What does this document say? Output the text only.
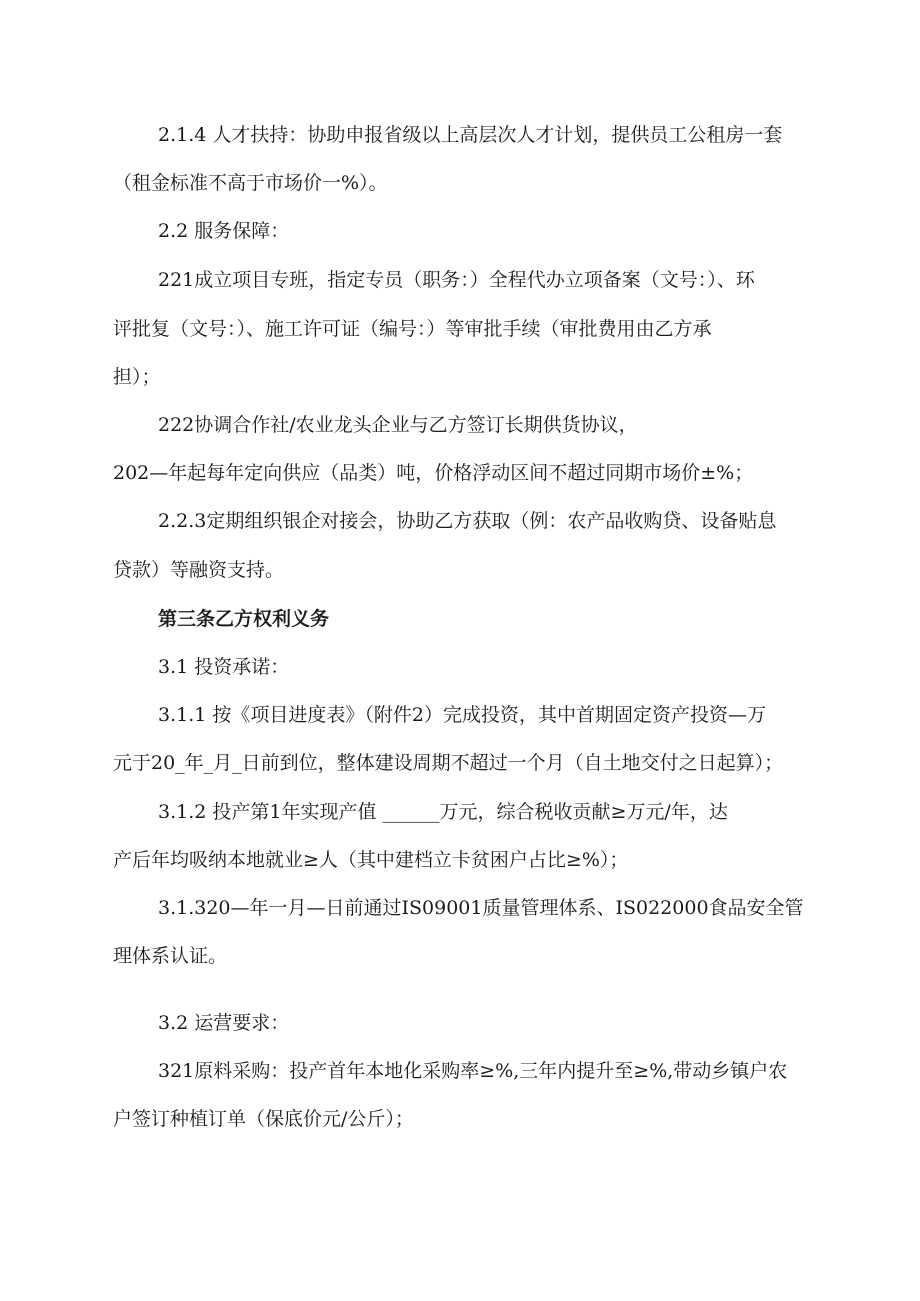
2.1.4 人才扶持：协助申报省级以上高层次人才计划，提供员工公租房一套
（租金标准不高于市场价一%）。
2.2 服务保障：
221成立项目专班，指定专员（职务：）全程代办立项备案（文号：）、环
评批复（文号：）、施工许可证（编号：）等审批手续（审批费用由乙方承
担）；
222协调合作社/农业龙头企业与乙方签订长期供货协议，
202—年起每年定向供应（品类）吨，价格浮动区间不超过同期市场价±%；
2.2.3定期组织银企对接会，协助乙方获取（例：农产品收购贷、设备贴息
贷款）等融资支持。
第三条乙方权利义务
3.1 投资承诺：
3.1.1 按《项目进度表》（附件2）完成投资，其中首期固定资产投资—万
元于20_年_月_日前到位，整体建设周期不超过一个月（自土地交付之日起算）；
3.1.2 投产第1年实现产值 ______万元，综合税收贡献≥万元/年，达
产后年均吸纳本地就业≥人（其中建档立卡贫困户占比≥%）；
3.1.320—年一月—日前通过IS09001质量管理体系、IS022000食品安全管
理体系认证。
3.2 运营要求：
321原料采购：投产首年本地化采购率≥%,三年内提升至≥%,带动乡镇户农
户签订种植订单（保底价元/公斤）；
